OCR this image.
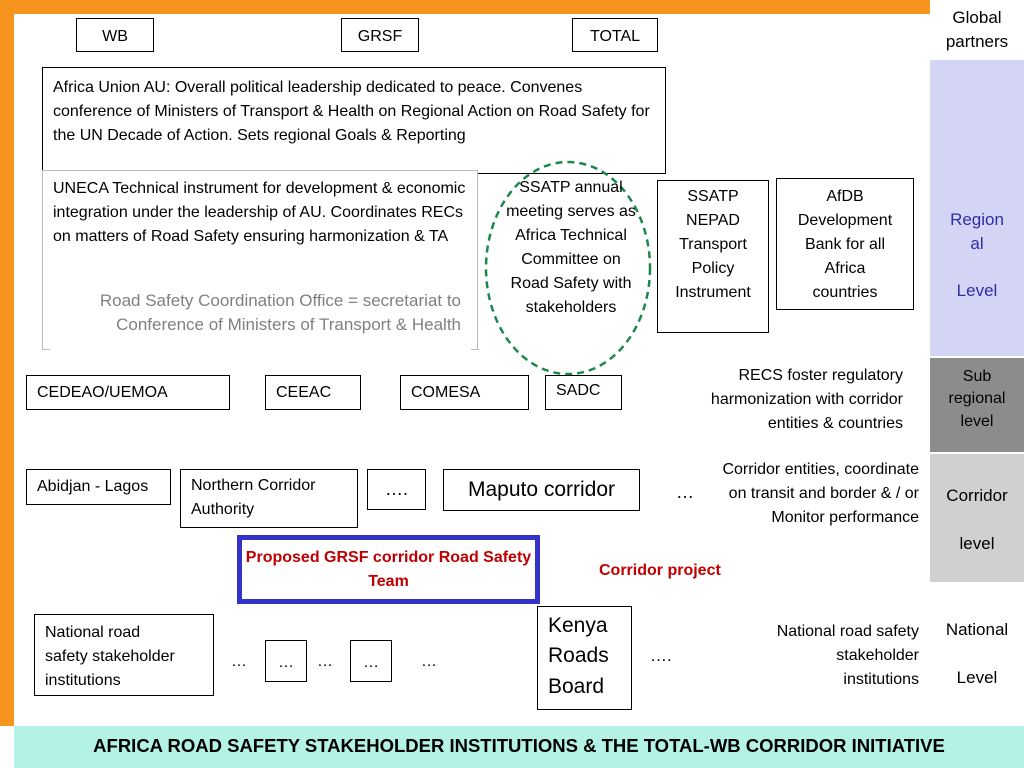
Global
partners
Region
al

Level
Sub
regional
level
Corridor

level
National

Level
WB	GRSF	TOTAL
Africa Union AU: Overall political leadership dedicated to peace. Convenes conference of Ministers of Transport & Health on Regional Action on Road Safety for the UN Decade of Action. Sets regional Goals & Reporting
UNECA Technical instrument for development & economic integration under the leadership of AU. Coordinates RECs on matters of Road Safety ensuring harmonization & TA
Road Safety Coordination Office = secretariat to Conference of Ministers of Transport & Health
SSATP annual meeting serves as Africa Technical Committee on Road Safety with stakeholders
SSATP
NEPAD
Transport
Policy
Instrument
AfDB
Development
Bank for all
Africa
countries
CEDEAO/UEMOA	CEEAC	COMESA	SADC
RECS foster regulatory
harmonization with corridor
entities & countries
Abidjan - Lagos	Northern Corridor
Authority
….	Maputo corridor	…
Corridor entities, coordinate
on transit and border & / or
Monitor performance
Proposed GRSF corridor Road Safety Team
Corridor project
National road
safety stakeholder
institutions
…	…	…	…	…
Kenya
Roads
Board
….
National road safety
stakeholder
institutions
AFRICA ROAD SAFETY STAKEHOLDER INSTITUTIONS & THE TOTAL-WB CORRIDOR INITIATIVE
